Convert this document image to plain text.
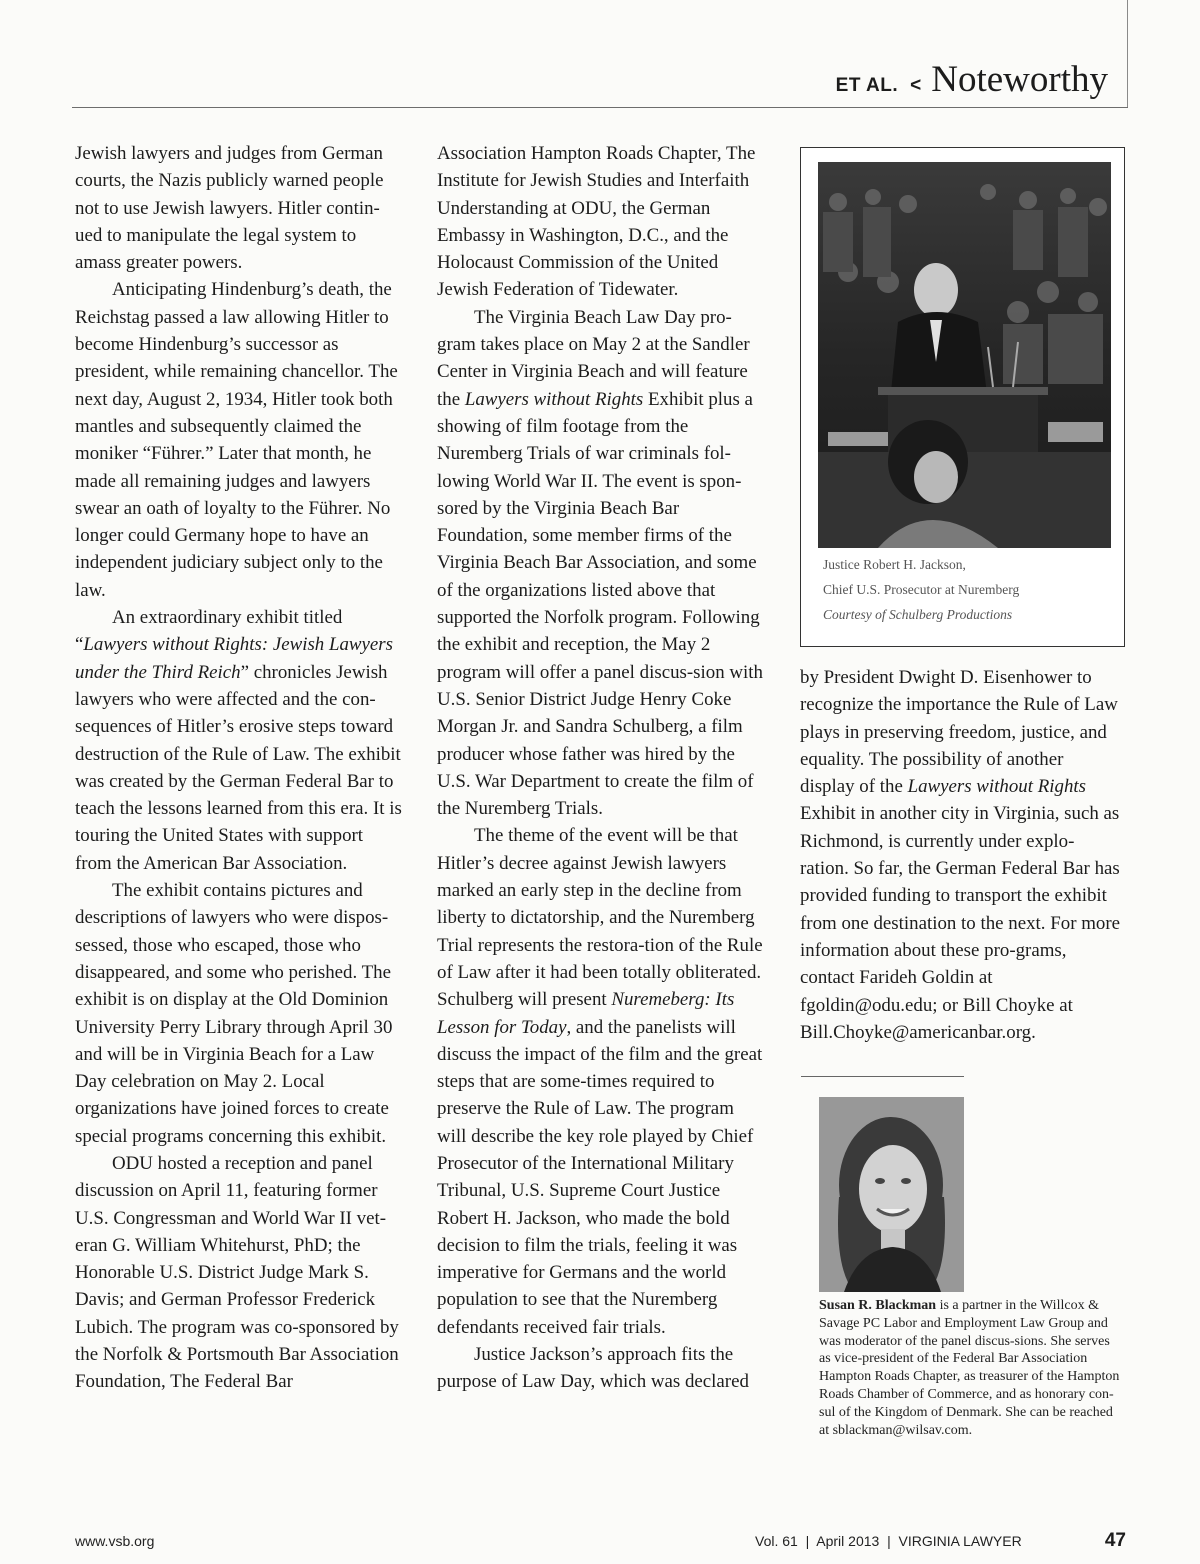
ET AL. < Noteworthy

Jewish lawyers and judges from German courts, the Nazis publicly warned people not to use Jewish lawyers. Hitler contin-ued to manipulate the legal system to amass greater powers.

Anticipating Hindenburg’s death, the Reichstag passed a law allowing Hitler to become Hindenburg’s successor as president, while remaining chancellor. The next day, August 2, 1934, Hitler took both mantles and subsequently claimed the moniker “Führer.” Later that month, he made all remaining judges and lawyers swear an oath of loyalty to the Führer. No longer could Germany hope to have an independent judiciary subject only to the law.

An extraordinary exhibit titled “Lawyers without Rights: Jewish Lawyers under the Third Reich” chronicles Jewish lawyers who were affected and the con-sequences of Hitler’s erosive steps toward destruction of the Rule of Law. The exhibit was created by the German Federal Bar to teach the lessons learned from this era. It is touring the United States with support from the American Bar Association.

The exhibit contains pictures and descriptions of lawyers who were dispos-sessed, those who escaped, those who disappeared, and some who perished. The exhibit is on display at the Old Dominion University Perry Library through April 30 and will be in Virginia Beach for a Law Day celebration on May 2. Local organizations have joined forces to create special programs concerning this exhibit.

ODU hosted a reception and panel discussion on April 11, featuring former U.S. Congressman and World War II vet-eran G. William Whitehurst, PhD; the Honorable U.S. District Judge Mark S. Davis; and German Professor Frederick Lubich. The program was co-sponsored by the Norfolk & Portsmouth Bar Association Foundation, The Federal Bar

Association Hampton Roads Chapter, The Institute for Jewish Studies and Interfaith Understanding at ODU, the German Embassy in Washington, D.C., and the Holocaust Commission of the United Jewish Federation of Tidewater.

The Virginia Beach Law Day pro-gram takes place on May 2 at the Sandler Center in Virginia Beach and will feature the Lawyers without Rights Exhibit plus a showing of film footage from the Nuremberg Trials of war criminals fol-lowing World War II. The event is spon-sored by the Virginia Beach Bar Foundation, some member firms of the Virginia Beach Bar Association, and some of the organizations listed above that supported the Norfolk program. Following the exhibit and reception, the May 2 program will offer a panel discus-sion with U.S. Senior District Judge Henry Coke Morgan Jr. and Sandra Schulberg, a film producer whose father was hired by the U.S. War Department to create the film of the Nuremberg Trials.

The theme of the event will be that Hitler’s decree against Jewish lawyers marked an early step in the decline from liberty to dictatorship, and the Nuremberg Trial represents the restora-tion of the Rule of Law after it had been totally obliterated. Schulberg will present Nuremeberg: Its Lesson for Today, and the panelists will discuss the impact of the film and the great steps that are some-times required to preserve the Rule of Law. The program will describe the key role played by Chief Prosecutor of the International Military Tribunal, U.S. Supreme Court Justice Robert H. Jackson, who made the bold decision to film the trials, feeling it was imperative for Germans and the world population to see that the Nuremberg defendants received fair trials.

Justice Jackson’s approach fits the purpose of Law Day, which was declared

Justice Robert H. Jackson,
Chief U.S. Prosecutor at Nuremberg
Courtesy of Schulberg Productions

by President Dwight D. Eisenhower to recognize the importance the Rule of Law plays in preserving freedom, justice, and equality. The possibility of another display of the Lawyers without Rights Exhibit in another city in Virginia, such as Richmond, is currently under explo-ration. So far, the German Federal Bar has provided funding to transport the exhibit from one destination to the next. For more information about these pro-grams, contact Farideh Goldin at fgoldin@odu.edu; or Bill Choyke at Bill.Choyke@americanbar.org.

Susan R. Blackman is a partner in the Willcox & Savage PC Labor and Employment Law Group and was moderator of the panel discus-sions. She serves as vice-president of the Federal Bar Association Hampton Roads Chapter, as treasurer of the Hampton Roads Chamber of Commerce, and as honorary con-sul of the Kingdom of Denmark. She can be reached at sblackman@wilsav.com.
www.vsb.org	Vol. 61 | April 2013 | VIRGINIA LAWYER	47
